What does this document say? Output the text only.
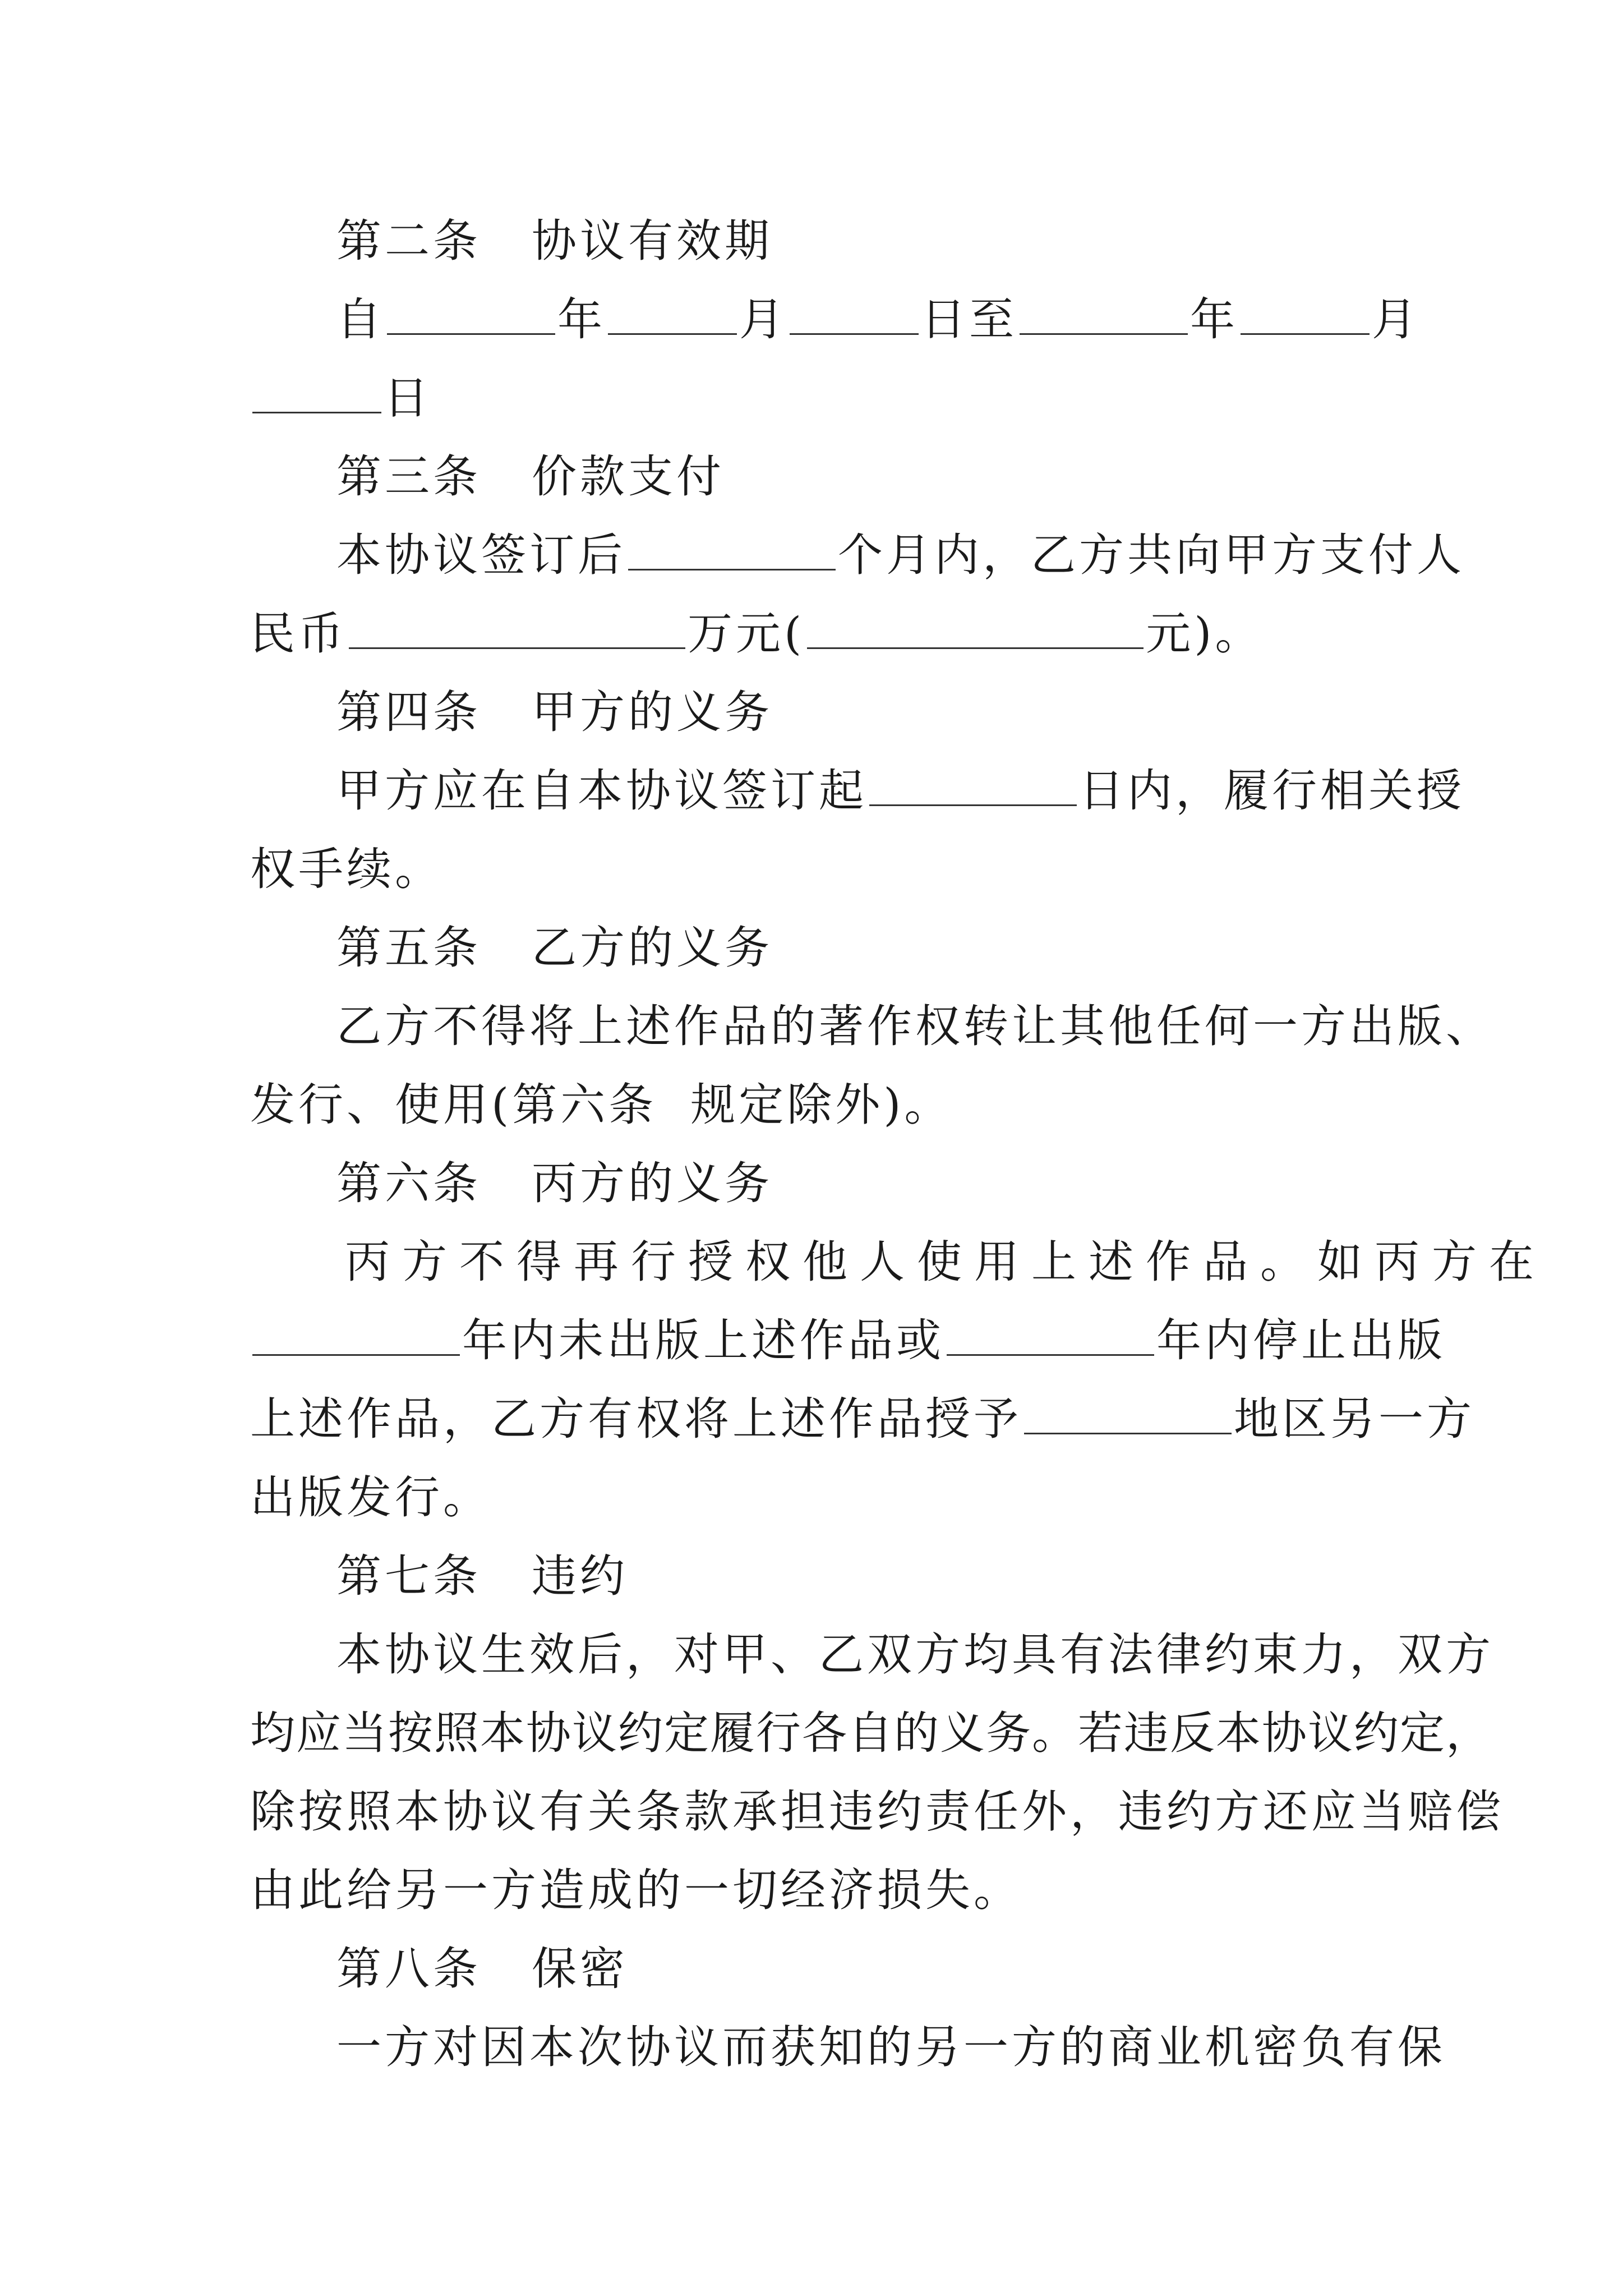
第二条 协议有效期
自	年	月	日至	年	月
日
第三条 价款支付
本协议签订后	个月内，乙方共向甲方支付人
民币	万元(	元)。
第四条 甲方的义务
甲方应在自本协议签订起	日内，履行相关授
权手续。
第五条 乙方的义务
乙方不得将上述作品的著作权转让其他任何一方出版、
发行、使用(第六条 规定除外)。
第六条 丙方的义务
丙方不得再行授权他人使用上述作品。如丙方在
年内未出版上述作品或	年内停止出版
上述作品，乙方有权将上述作品授予	地区另一方
出版发行。
第七条 违约
本协议生效后，对甲、乙双方均具有法律约束力，双方
均应当按照本协议约定履行各自的义务。若违反本协议约定，
除按照本协议有关条款承担违约责任外，违约方还应当赔偿
由此给另一方造成的一切经济损失。
第八条 保密
一方对因本次协议而获知的另一方的商业机密负有保
